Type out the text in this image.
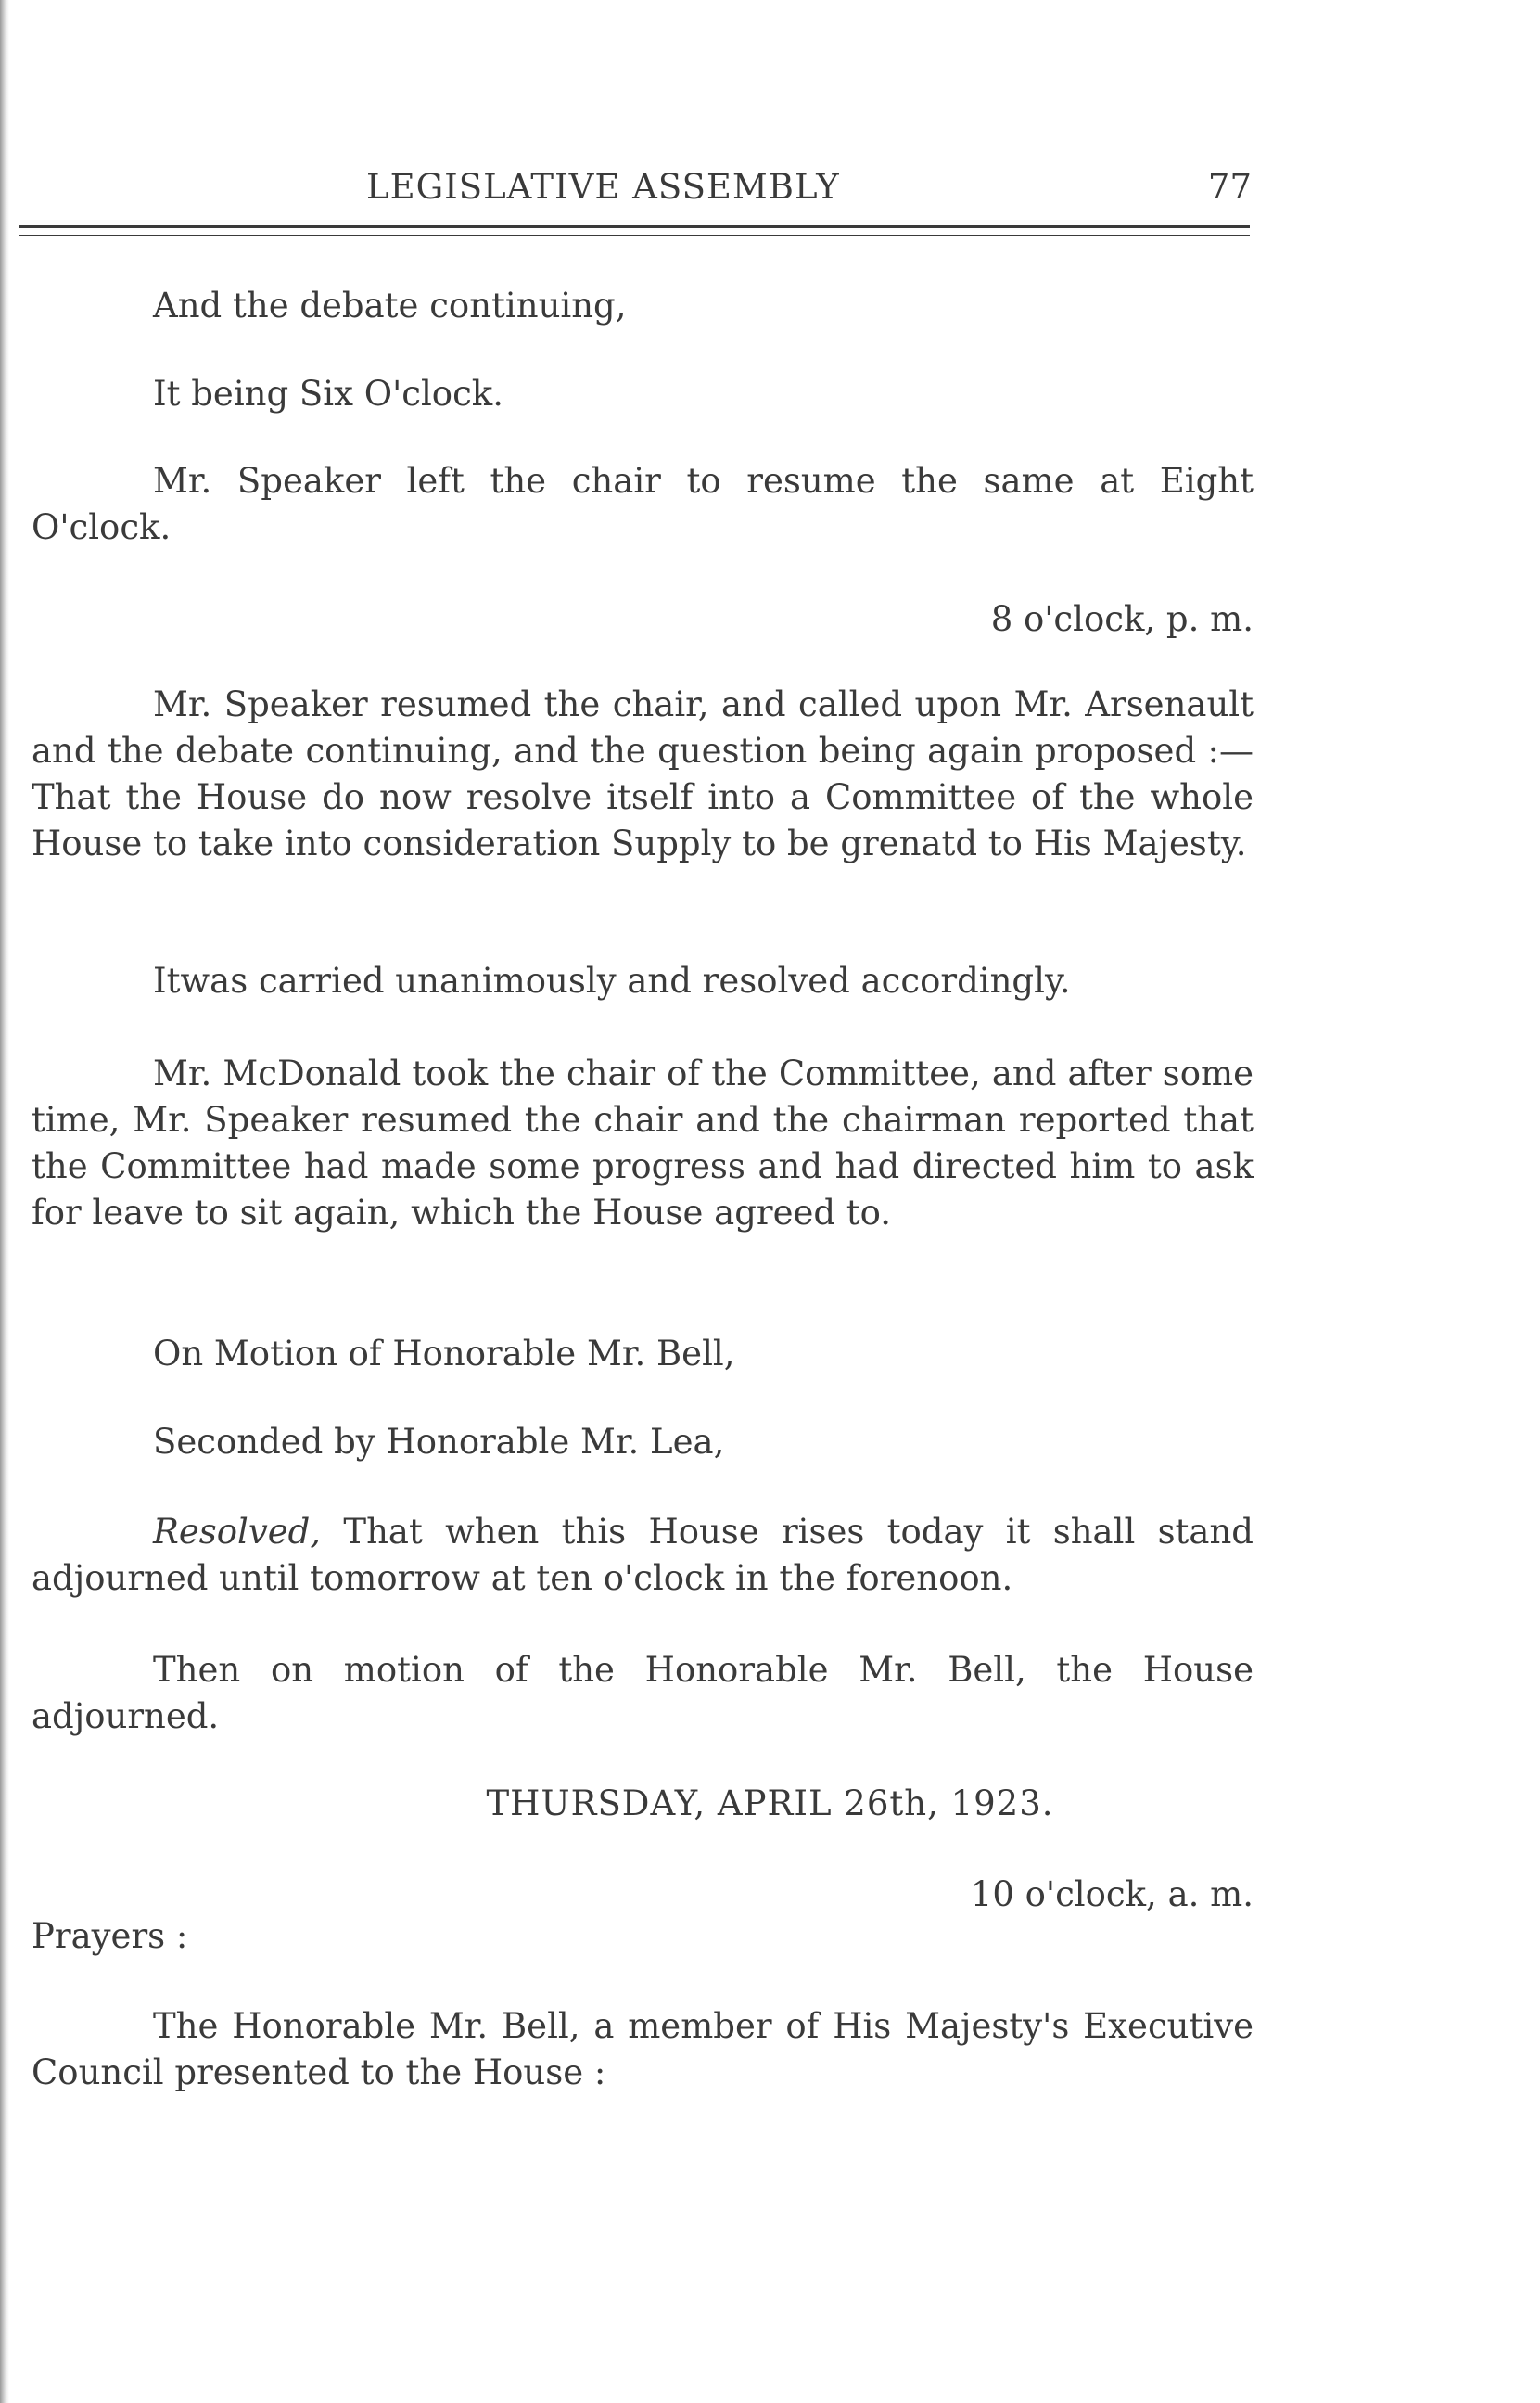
LEGISLATIVE ASSEMBLY	77
And the debate continuing,
It being Six O'clock.
Mr. Speaker left the chair to resume the same at Eight O'clock.
8 o'clock, p. m.
Mr. Speaker resumed the chair, and called upon Mr. Arsenault and the debate continuing, and the question being again proposed :—That the House do now resolve itself into a Committee of the whole House to take into consideration Supply to be grenatd to His Majesty.
Itwas carried unanimously and resolved accordingly.
Mr. McDonald took the chair of the Committee, and after some time, Mr. Speaker resumed the chair and the chairman reported that the Committee had made some progress and had directed him to ask for leave to sit again, which the House agreed to.
On Motion of Honorable Mr. Bell,
Seconded by Honorable Mr. Lea,
Resolved, That when this House rises today it shall stand adjourned until tomorrow at ten o'clock in the forenoon.
Then on motion of the Honorable Mr. Bell, the House adjourned.
THURSDAY, APRIL 26th, 1923.
10 o'clock, a. m.
Prayers :
The Honorable Mr. Bell, a member of His Majesty's Executive Council presented to the House :
